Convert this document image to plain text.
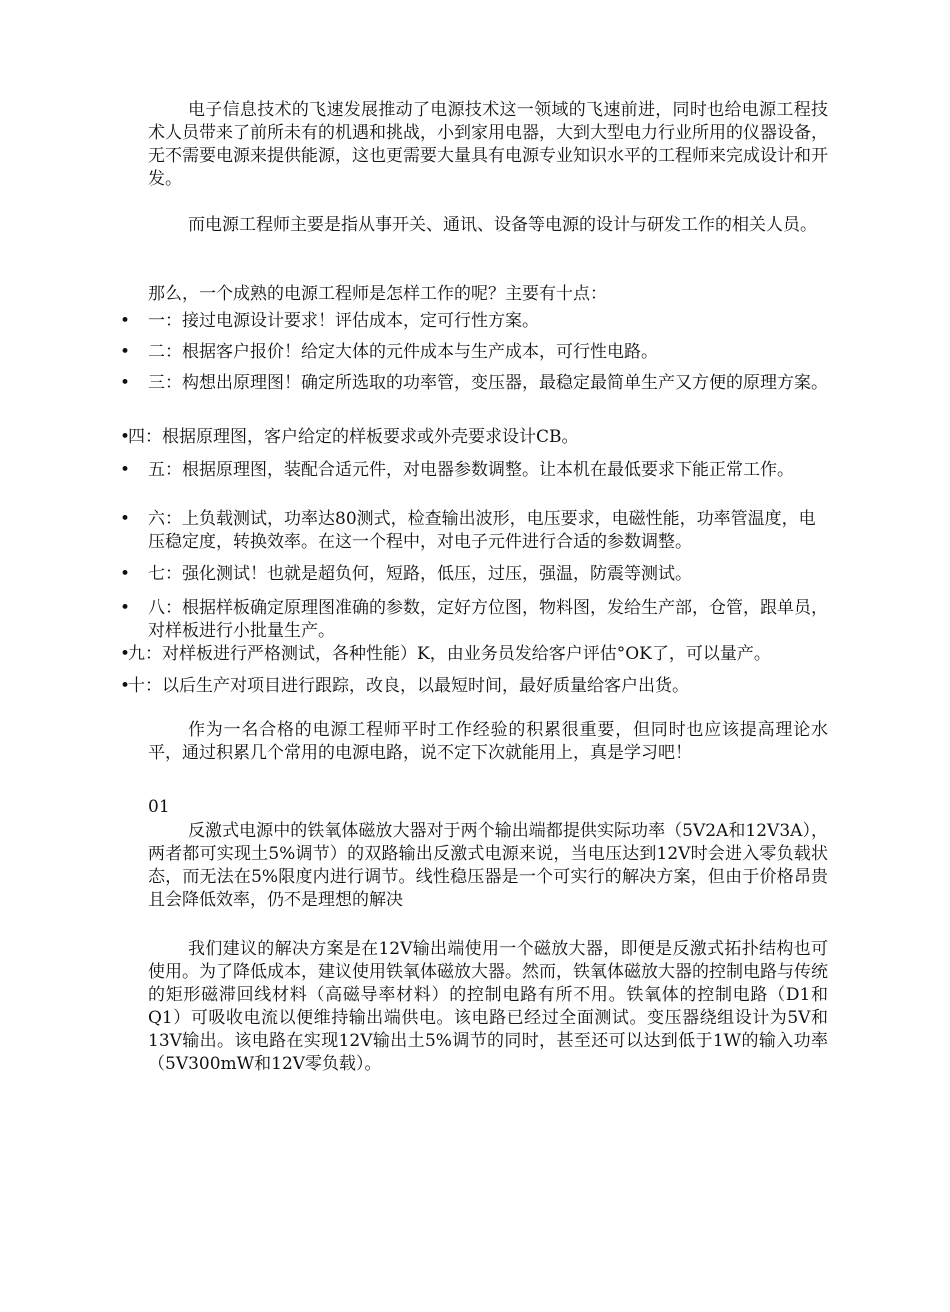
电子信息技术的飞速发展推动了电源技术这一领域的飞速前进，同时也给电源工程技术人员带来了前所未有的机遇和挑战，小到家用电器，大到大型电力行业所用的仪器设备，无不需要电源来提供能源，这也更需要大量具有电源专业知识水平的工程师来完成设计和开发。

而电源工程师主要是指从事开关、通讯、设备等电源的设计与研发工作的相关人员。

那么，一个成熟的电源工程师是怎样工作的呢？主要有十点：

• 一：接过电源设计要求！评估成本，定可行性方案。
• 二：根据客户报价！给定大体的元件成本与生产成本，可行性电路。
• 三：构想出原理图！确定所选取的功率管，变压器，最稳定最简单生产又方便的原理方案。
•
四：根据原理图，客户给定的样板要求或外壳要求设计CB。
• 五：根据原理图，装配合适元件，对电器参数调整。让本机在最低要求下能正常工作。
• 六：上负载测试，功率达80测式，检查输出波形，电压要求，电磁性能，功率管温度，电压稳定度，转换效率。在这一个程中，对电子元件进行合适的参数调整。
• 七：强化测试！也就是超负何，短路，低压，过压，强温，防震等测试。
• 八：根据样板确定原理图准确的参数，定好方位图，物料图，发给生产部，仓管，跟单员，对样板进行小批量生产。
•
九：对样板进行严格测试，各种性能）K，由业务员发给客户评估°OK了，可以量产。
•
十：以后生产对项目进行跟踪，改良，以最短时间，最好质量给客户出货。

作为一名合格的电源工程师平时工作经验的积累很重要，但同时也应该提高理论水平，通过积累几个常用的电源电路，说不定下次就能用上，真是学习吧！

01

反激式电源中的铁氧体磁放大器对于两个输出端都提供实际功率（5V2A和12V3A），两者都可实现土5%调节）的双路输出反激式电源来说，当电压达到12V时会进入零负载状态，而无法在5%限度内进行调节。线性稳压器是一个可实行的解决方案，但由于价格昂贵且会降低效率，仍不是理想的解决

我们建议的解决方案是在12V输出端使用一个磁放大器，即便是反激式拓扑结构也可使用。为了降低成本，建议使用铁氧体磁放大器。然而，铁氧体磁放大器的控制电路与传统的矩形磁滞回线材料（高磁导率材料）的控制电路有所不用。铁氧体的控制电路（D1和Q1）可吸收电流以便维持输出端供电。该电路已经过全面测试。变压器绕组设计为5V和13V输出。该电路在实现12V输出土5%调节的同时，甚至还可以达到低于1W的输入功率（5V300mW和12V零负载）。
